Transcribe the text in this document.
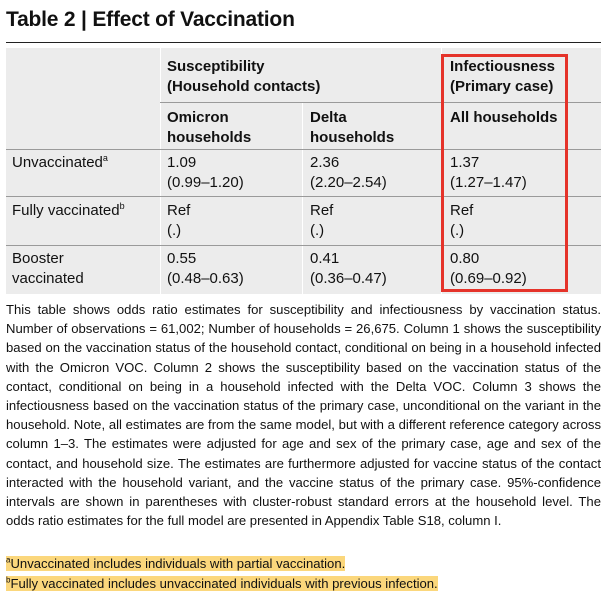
Table 2 | Effect of Vaccination
Susceptibility
(Household contacts)
Infectiousness
(Primary case)
Omicron
households
Delta
households
All households
Unvaccinated$^a$	1.09
(0.99–1.20)
2.36
(2.20–2.54)
1.37
(1.27–1.47)
Fully vaccinated$^b$	Ref
(.)
Ref
(.)
Ref
(.)
Booster
vaccinated
0.55
(0.48–0.63)
0.41
(0.36–0.47)
0.80
(0.69–0.92)
This table shows odds ratio estimates for susceptibility and infectiousness by vaccination status. Number of observations = 61,002; Number of households = 26,675. Column 1 shows the susceptibility based on the vaccination status of the household contact, conditional on being in a household infected with the Omicron VOC. Column 2 shows the susceptibility based on the vaccination status of the contact, conditional on being in a household infected with the Delta VOC. Column 3 shows the infectiousness based on the vaccination status of the primary case, unconditional on the variant in the household. Note, all estimates are from the same model, but with a different reference category across column 1–3. The estimates were adjusted for age and sex of the primary case, age and sex of the contact, and household size. The estimates are furthermore adjusted for vaccine status of the contact interacted with the household variant, and the vaccine status of the primary case. 95%-confidence intervals are shown in parentheses with cluster-robust standard errors at the household level. The odds ratio estimates for the full model are presented in Appendix Table S18, column I.
$^a$Unvaccinated includes individuals with partial vaccination.
$^b$Fully vaccinated includes unvaccinated individuals with previous infection.
